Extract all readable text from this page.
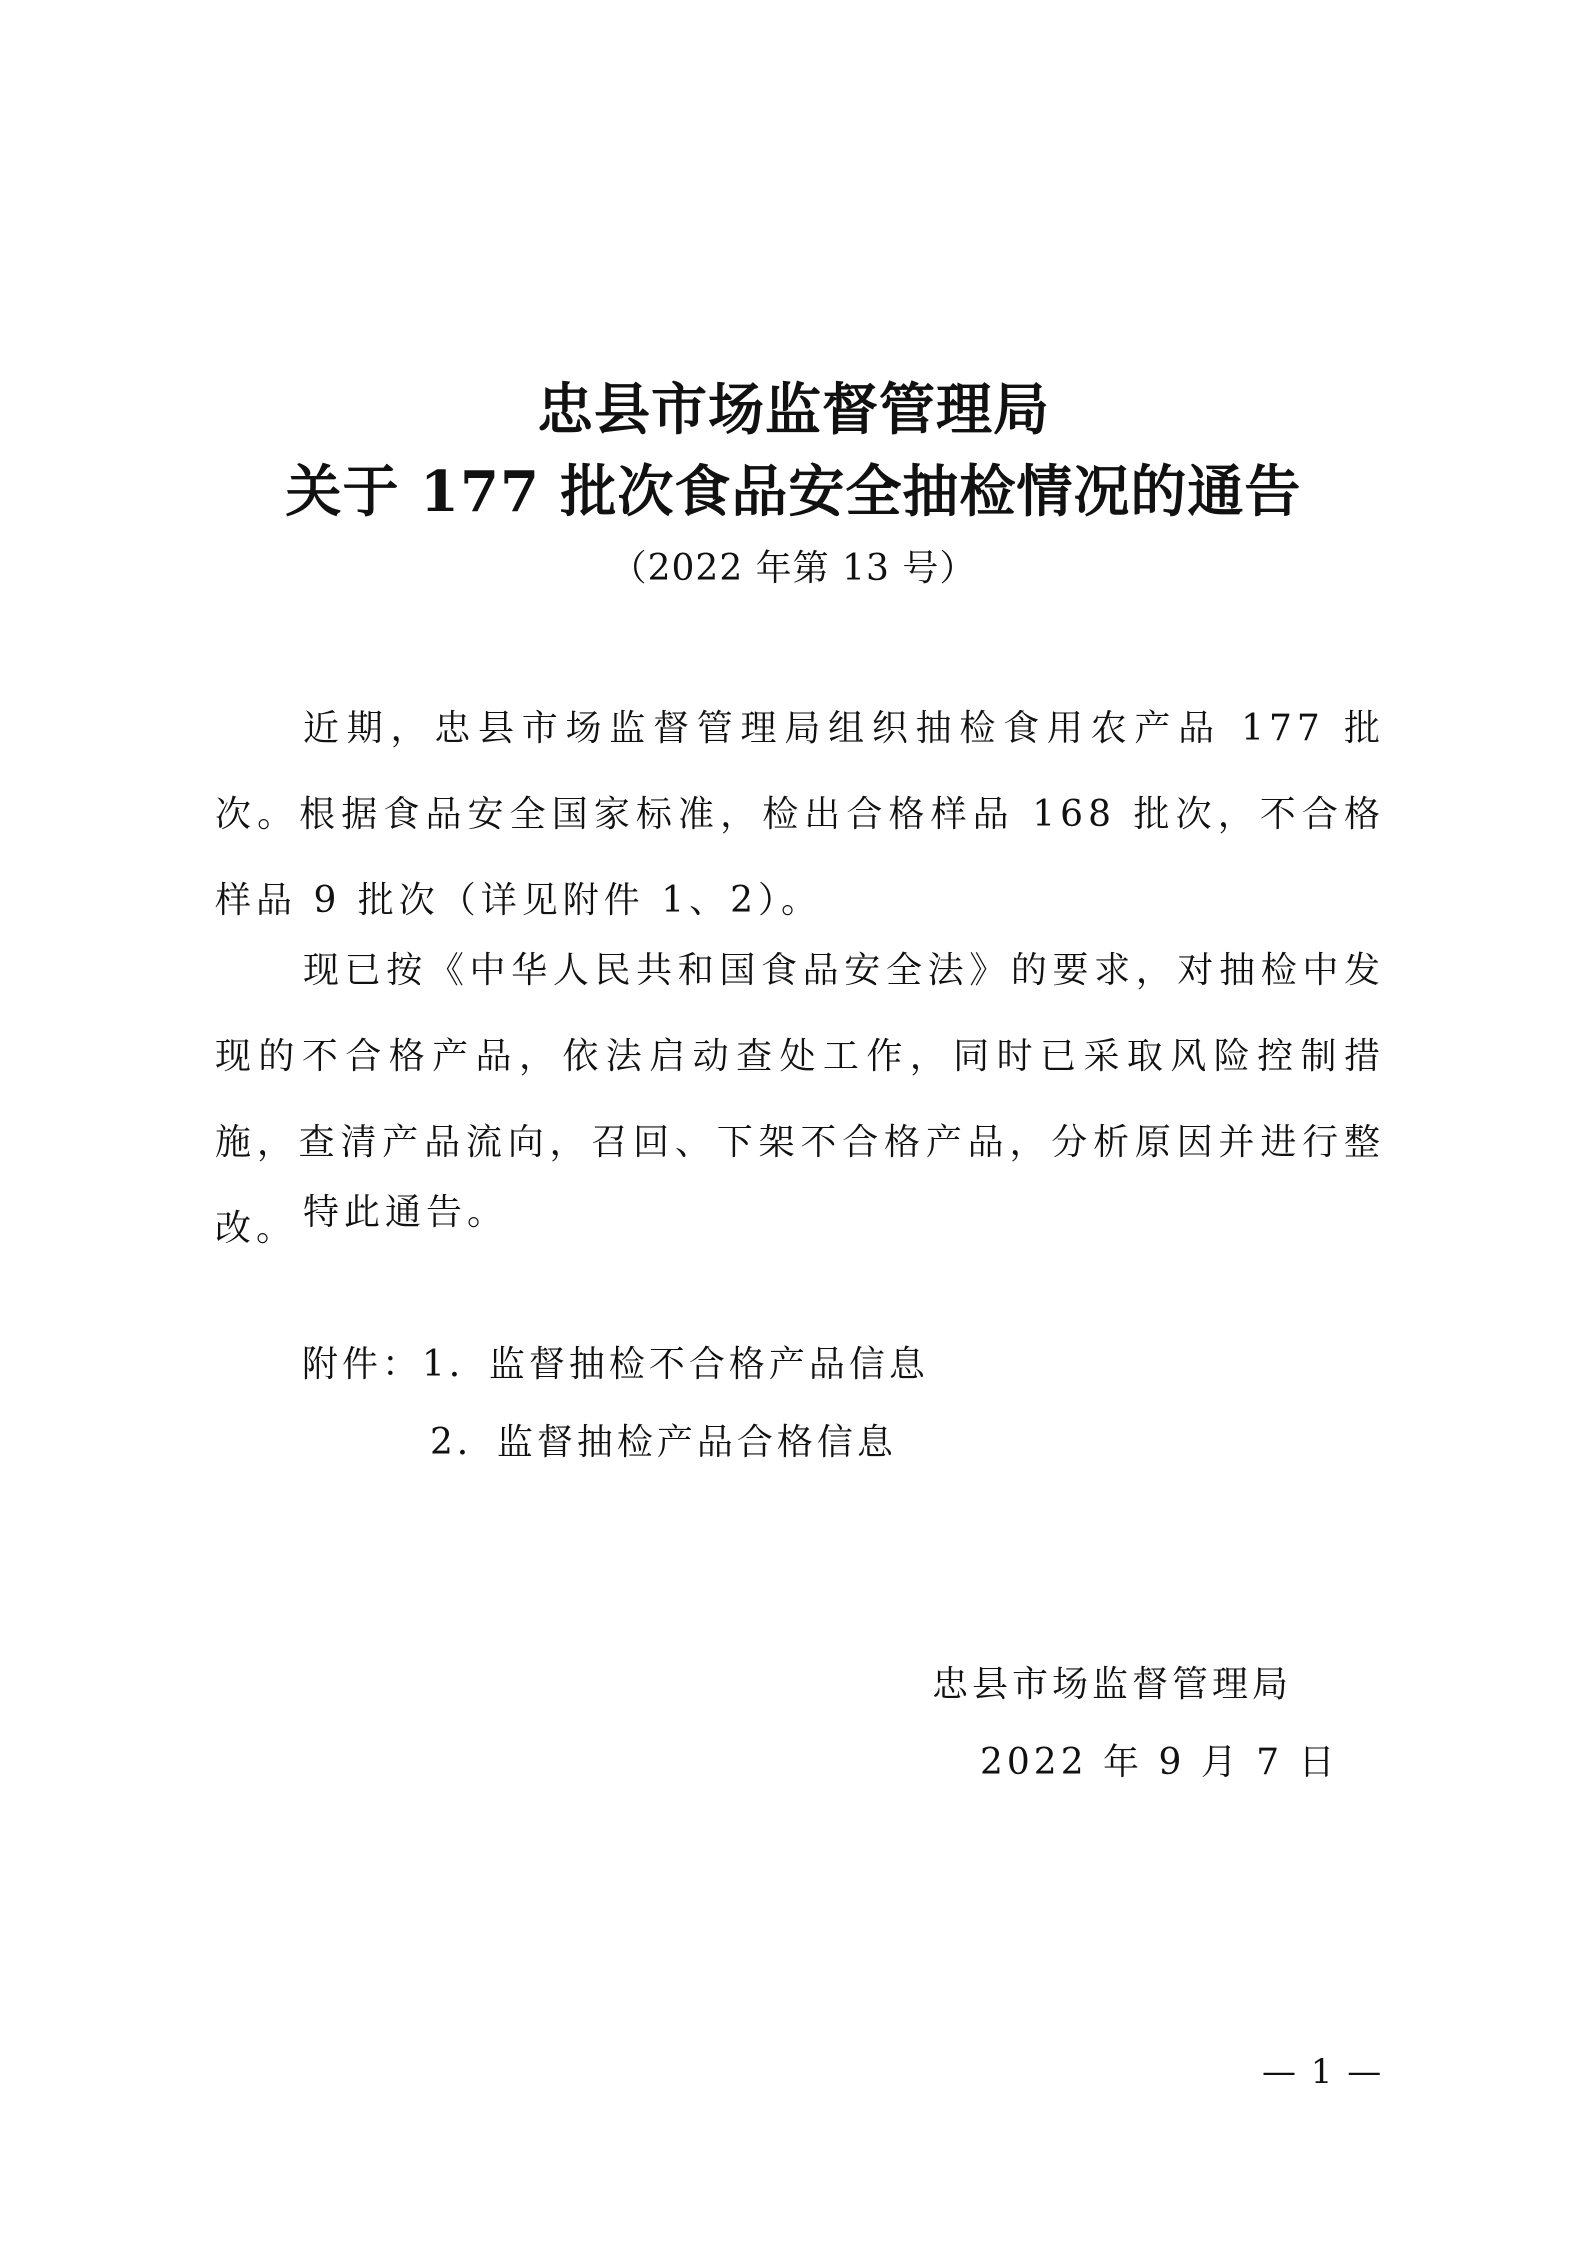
忠县市场监督管理局
关于 177 批次食品安全抽检情况的通告
（2022 年第 13 号）

近期，忠县市场监督管理局组织抽检食用农产品 177 批次。根据食品安全国家标准，检出合格样品 168 批次，不合格样品 9 批次（详见附件 1、2）。

现已按《中华人民共和国食品安全法》的要求，对抽检中发现的不合格产品，依法启动查处工作，同时已采取风险控制措施，查清产品流向，召回、下架不合格产品，分析原因并进行整改。 特此通告。

附件：1．监督抽检不合格产品信息
2．监督抽检产品合格信息
忠县市场监督管理局
2022 年 9 月 7 日
— 1 —
